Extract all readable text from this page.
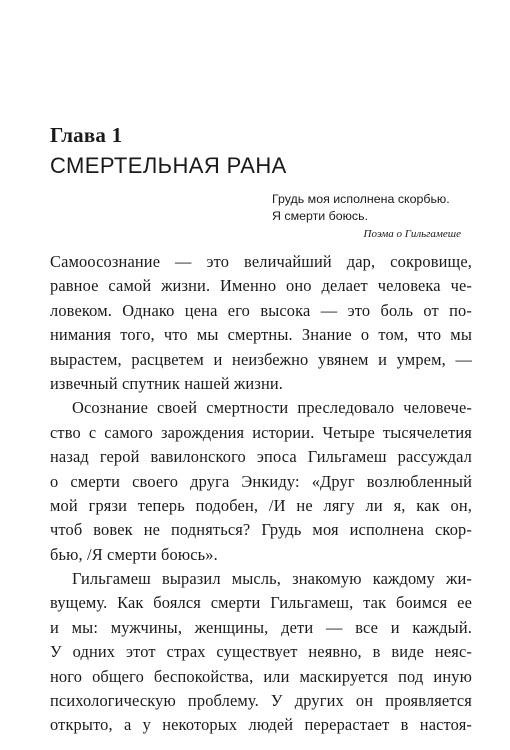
Глава 1
СМЕРТЕЛЬНАЯ РАНА
Грудь моя исполнена скорбью.
Я смерти боюсь.
Поэма о Гильгамеше
Самоосознание — это величайший дар, сокровище,
равное самой жизни. Именно оно делает человека че-
ловеком. Однако цена его высока — это боль от по-
нимания того, что мы смертны. Знание о том, что мы
вырастем, расцветем и неизбежно увянем и умрем, —
извечный спутник нашей жизни.
Осознание своей смертности преследовало человече-
ство с самого зарождения истории. Четыре тысячелетия
назад герой вавилонского эпоса Гильгамеш рассуждал
о смерти своего друга Энкиду: «Друг возлюбленный
мой грязи теперь подобен, /И не лягу ли я, как он,
чтоб вовек не подняться? Грудь моя исполнена скор-
бью, /Я смерти боюсь».
Гильгамеш выразил мысль, знакомую каждому жи-
вущему. Как боялся смерти Гильгамеш, так боимся ее
и мы: мужчины, женщины, дети — все и каждый.
У одних этот страх существует неявно, в виде неяс-
ного общего беспокойства, или маскируется под иную
психологическую проблему. У других он проявляется
открыто, а у некоторых людей перерастает в настоя-
